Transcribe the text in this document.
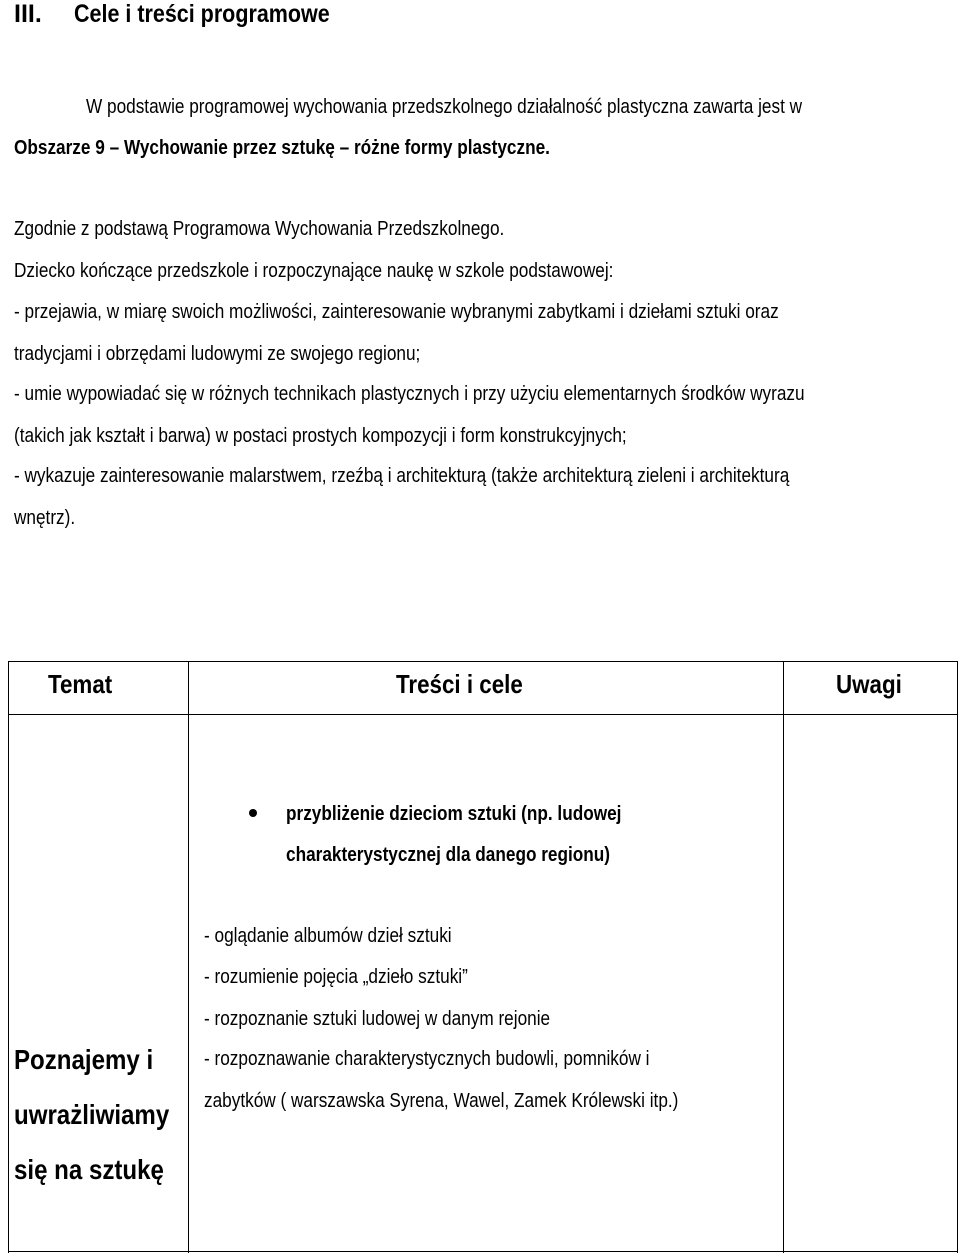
III. Cele i treści programowe
W podstawie programowej wychowania przedszkolnego działalność plastyczna zawarta jest w
Obszarze 9 – Wychowanie przez sztukę – różne formy plastyczne.
Zgodnie z podstawą Programowa Wychowania Przedszkolnego.
Dziecko kończące przedszkole i rozpoczynające naukę w szkole podstawowej:
- przejawia, w miarę swoich możliwości, zainteresowanie wybranymi zabytkami i dziełami sztuki oraz
tradycjami i obrzędami ludowymi ze swojego regionu;
- umie wypowiadać się w różnych technikach plastycznych i przy użyciu elementarnych środków wyrazu
(takich jak kształt i barwa) w postaci prostych kompozycji i form konstrukcyjnych;
- wykazuje zainteresowanie malarstwem, rzeźbą i architekturą (także architekturą zieleni i architekturą
wnętrz).
Temat	Treści i cele	Uwagi
przybliżenie dzieciom sztuki (np. ludowej
charakterystycznej dla danego regionu)
- oglądanie albumów dzieł sztuki
- rozumienie pojęcia „dzieło sztuki”
- rozpoznanie sztuki ludowej w danym rejonie
- rozpoznawanie charakterystycznych budowli, pomników i
zabytków ( warszawska Syrena, Wawel, Zamek Królewski itp.)
Poznajemy i
uwrażliwiamy
się na sztukę
